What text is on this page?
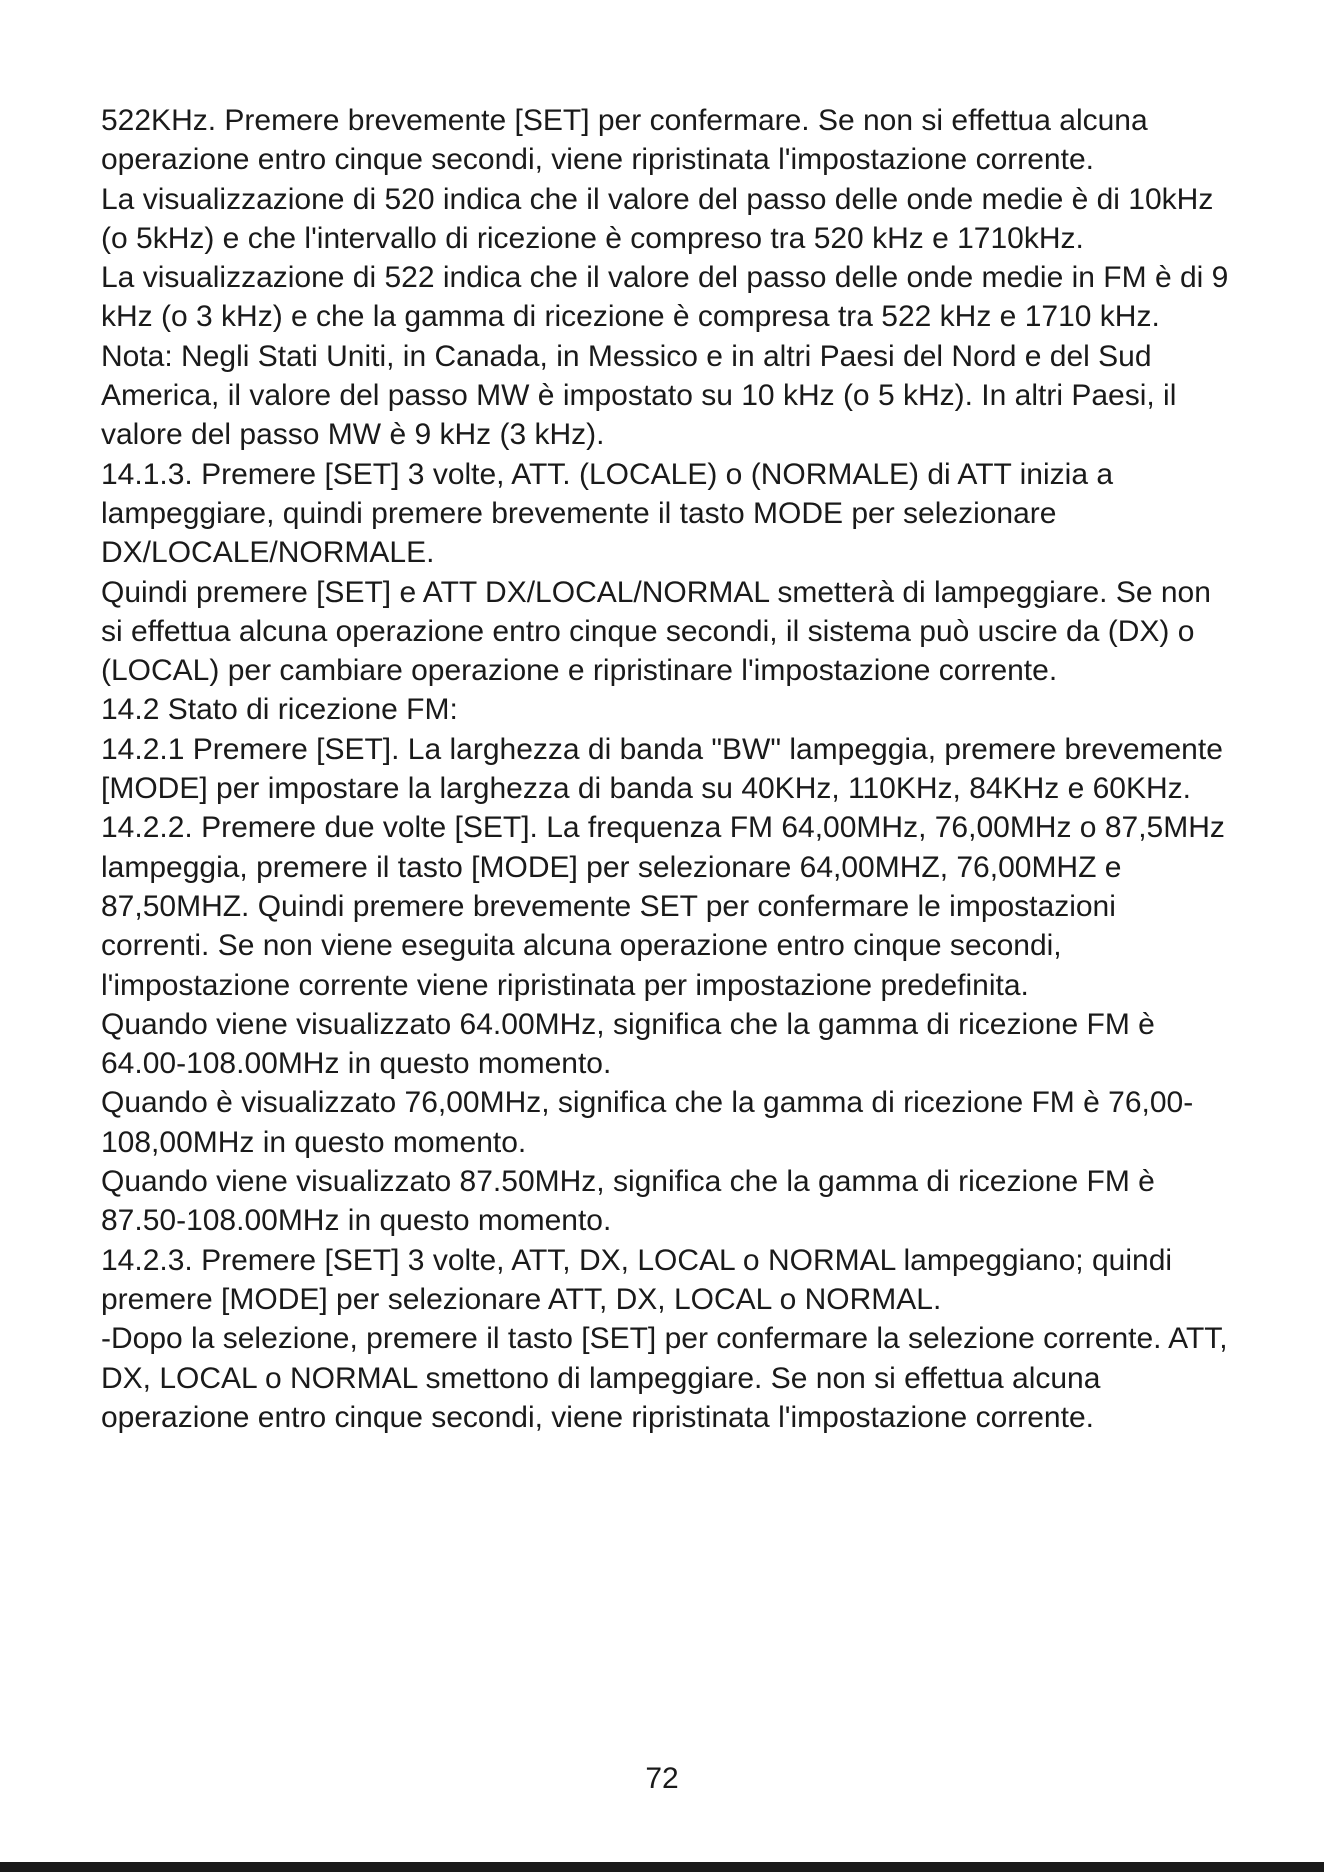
522KHz. Premere brevemente [SET] per confermare. Se non si effettua alcuna operazione entro cinque secondi, viene ripristinata l'impostazione corrente.

La visualizzazione di 520 indica che il valore del passo delle onde medie è di 10kHz (o 5kHz) e che l'intervallo di ricezione è compreso tra 520 kHz e 1710kHz.

La visualizzazione di 522 indica che il valore del passo delle onde medie in FM è di 9 kHz (o 3 kHz) e che la gamma di ricezione è compresa tra 522 kHz e 1710 kHz.

Nota: Negli Stati Uniti, in Canada, in Messico e in altri Paesi del Nord e del Sud America, il valore del passo MW è impostato su 10 kHz (o 5 kHz). In altri Paesi, il valore del passo MW è 9 kHz (3 kHz).

14.1.3. Premere [SET] 3 volte, ATT. (LOCALE) o (NORMALE) di ATT inizia a lampeggiare, quindi premere brevemente il tasto MODE per selezionare DX/LOCALE/NORMALE.

Quindi premere [SET] e ATT DX/LOCAL/NORMAL smetterà di lampeggiare. Se non si effettua alcuna operazione entro cinque secondi, il sistema può uscire da (DX) o (LOCAL) per cambiare operazione e ripristinare l'impostazione corrente.

14.2 Stato di ricezione FM:

14.2.1 Premere [SET]. La larghezza di banda "BW" lampeggia, premere brevemente [MODE] per impostare la larghezza di banda su 40KHz, 110KHz, 84KHz e 60KHz.

14.2.2. Premere due volte [SET]. La frequenza FM 64,00MHz, 76,00MHz o 87,5MHz lampeggia, premere il tasto [MODE] per selezionare 64,00MHZ, 76,00MHZ e 87,50MHZ. Quindi premere brevemente SET per confermare le impostazioni correnti. Se non viene eseguita alcuna operazione entro cinque secondi, l'impostazione corrente viene ripristinata per impostazione predefinita.

Quando viene visualizzato 64.00MHz, significa che la gamma di ricezione FM è 64.00-108.00MHz in questo momento.

Quando è visualizzato 76,00MHz, significa che la gamma di ricezione FM è 76,00-108,00MHz in questo momento.

Quando viene visualizzato 87.50MHz, significa che la gamma di ricezione FM è 87.50-108.00MHz in questo momento.

14.2.3. Premere [SET] 3 volte, ATT, DX, LOCAL o NORMAL lampeggiano; quindi premere [MODE] per selezionare ATT, DX, LOCAL o NORMAL.

-Dopo la selezione, premere il tasto [SET] per confermare la selezione corrente. ATT, DX, LOCAL o NORMAL smettono di lampeggiare. Se non si effettua alcuna operazione entro cinque secondi, viene ripristinata l'impostazione corrente.

72
